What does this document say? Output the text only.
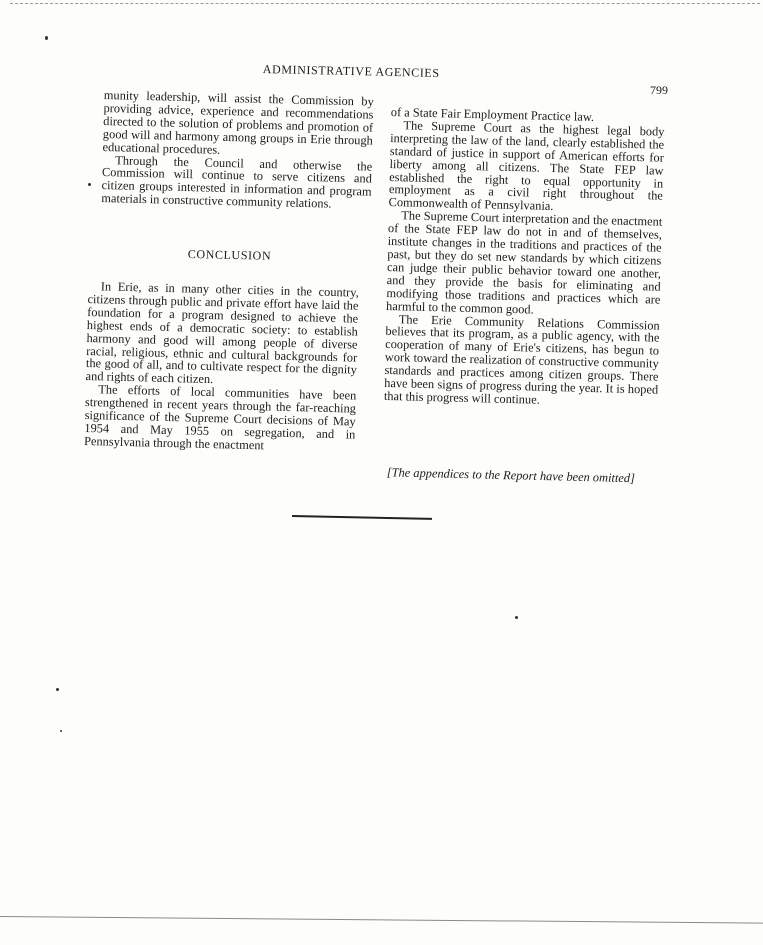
ADMINISTRATIVE AGENCIES
799

munity leadership, will assist the Commission by providing advice, experience and recommendations directed to the solution of problems and promotion of good will and harmony among groups in Erie through educational procedures.

Through the Council and otherwise the Commission will continue to serve citizens and citizen groups interested in information and program materials in constructive community relations.

CONCLUSION

In Erie, as in many other cities in the country, citizens through public and private effort have laid the foundation for a program designed to achieve the highest ends of a democratic society: to establish harmony and good will among people of diverse racial, religious, ethnic and cultural backgrounds for the good of all, and to cultivate respect for the dignity and rights of each citizen.

The efforts of local communities have been strengthened in recent years through the far-reaching significance of the Supreme Court decisions of May 1954 and May 1955 on segregation, and in Pennsylvania through the enactment

of a State Fair Employment Practice law.

The Supreme Court as the highest legal body interpreting the law of the land, clearly established the standard of justice in support of American efforts for liberty among all citizens. The State FEP law established the right to equal opportunity in employment as a civil right throughout the Commonwealth of Pennsylvania.

The Supreme Court interpretation and the enactment of the State FEP law do not in and of themselves, institute changes in the traditions and practices of the past, but they do set new standards by which citizens can judge their public behavior toward one another, and they provide the basis for eliminating and modifying those traditions and practices which are harmful to the common good.

The Erie Community Relations Commission believes that its program, as a public agency, with the cooperation of many of Erie's citizens, has begun to work toward the realization of constructive community standards and practices among citizen groups. There have been signs of progress during the year. It is hoped that this progress will continue.

[The appendices to the Report have been omitted]
